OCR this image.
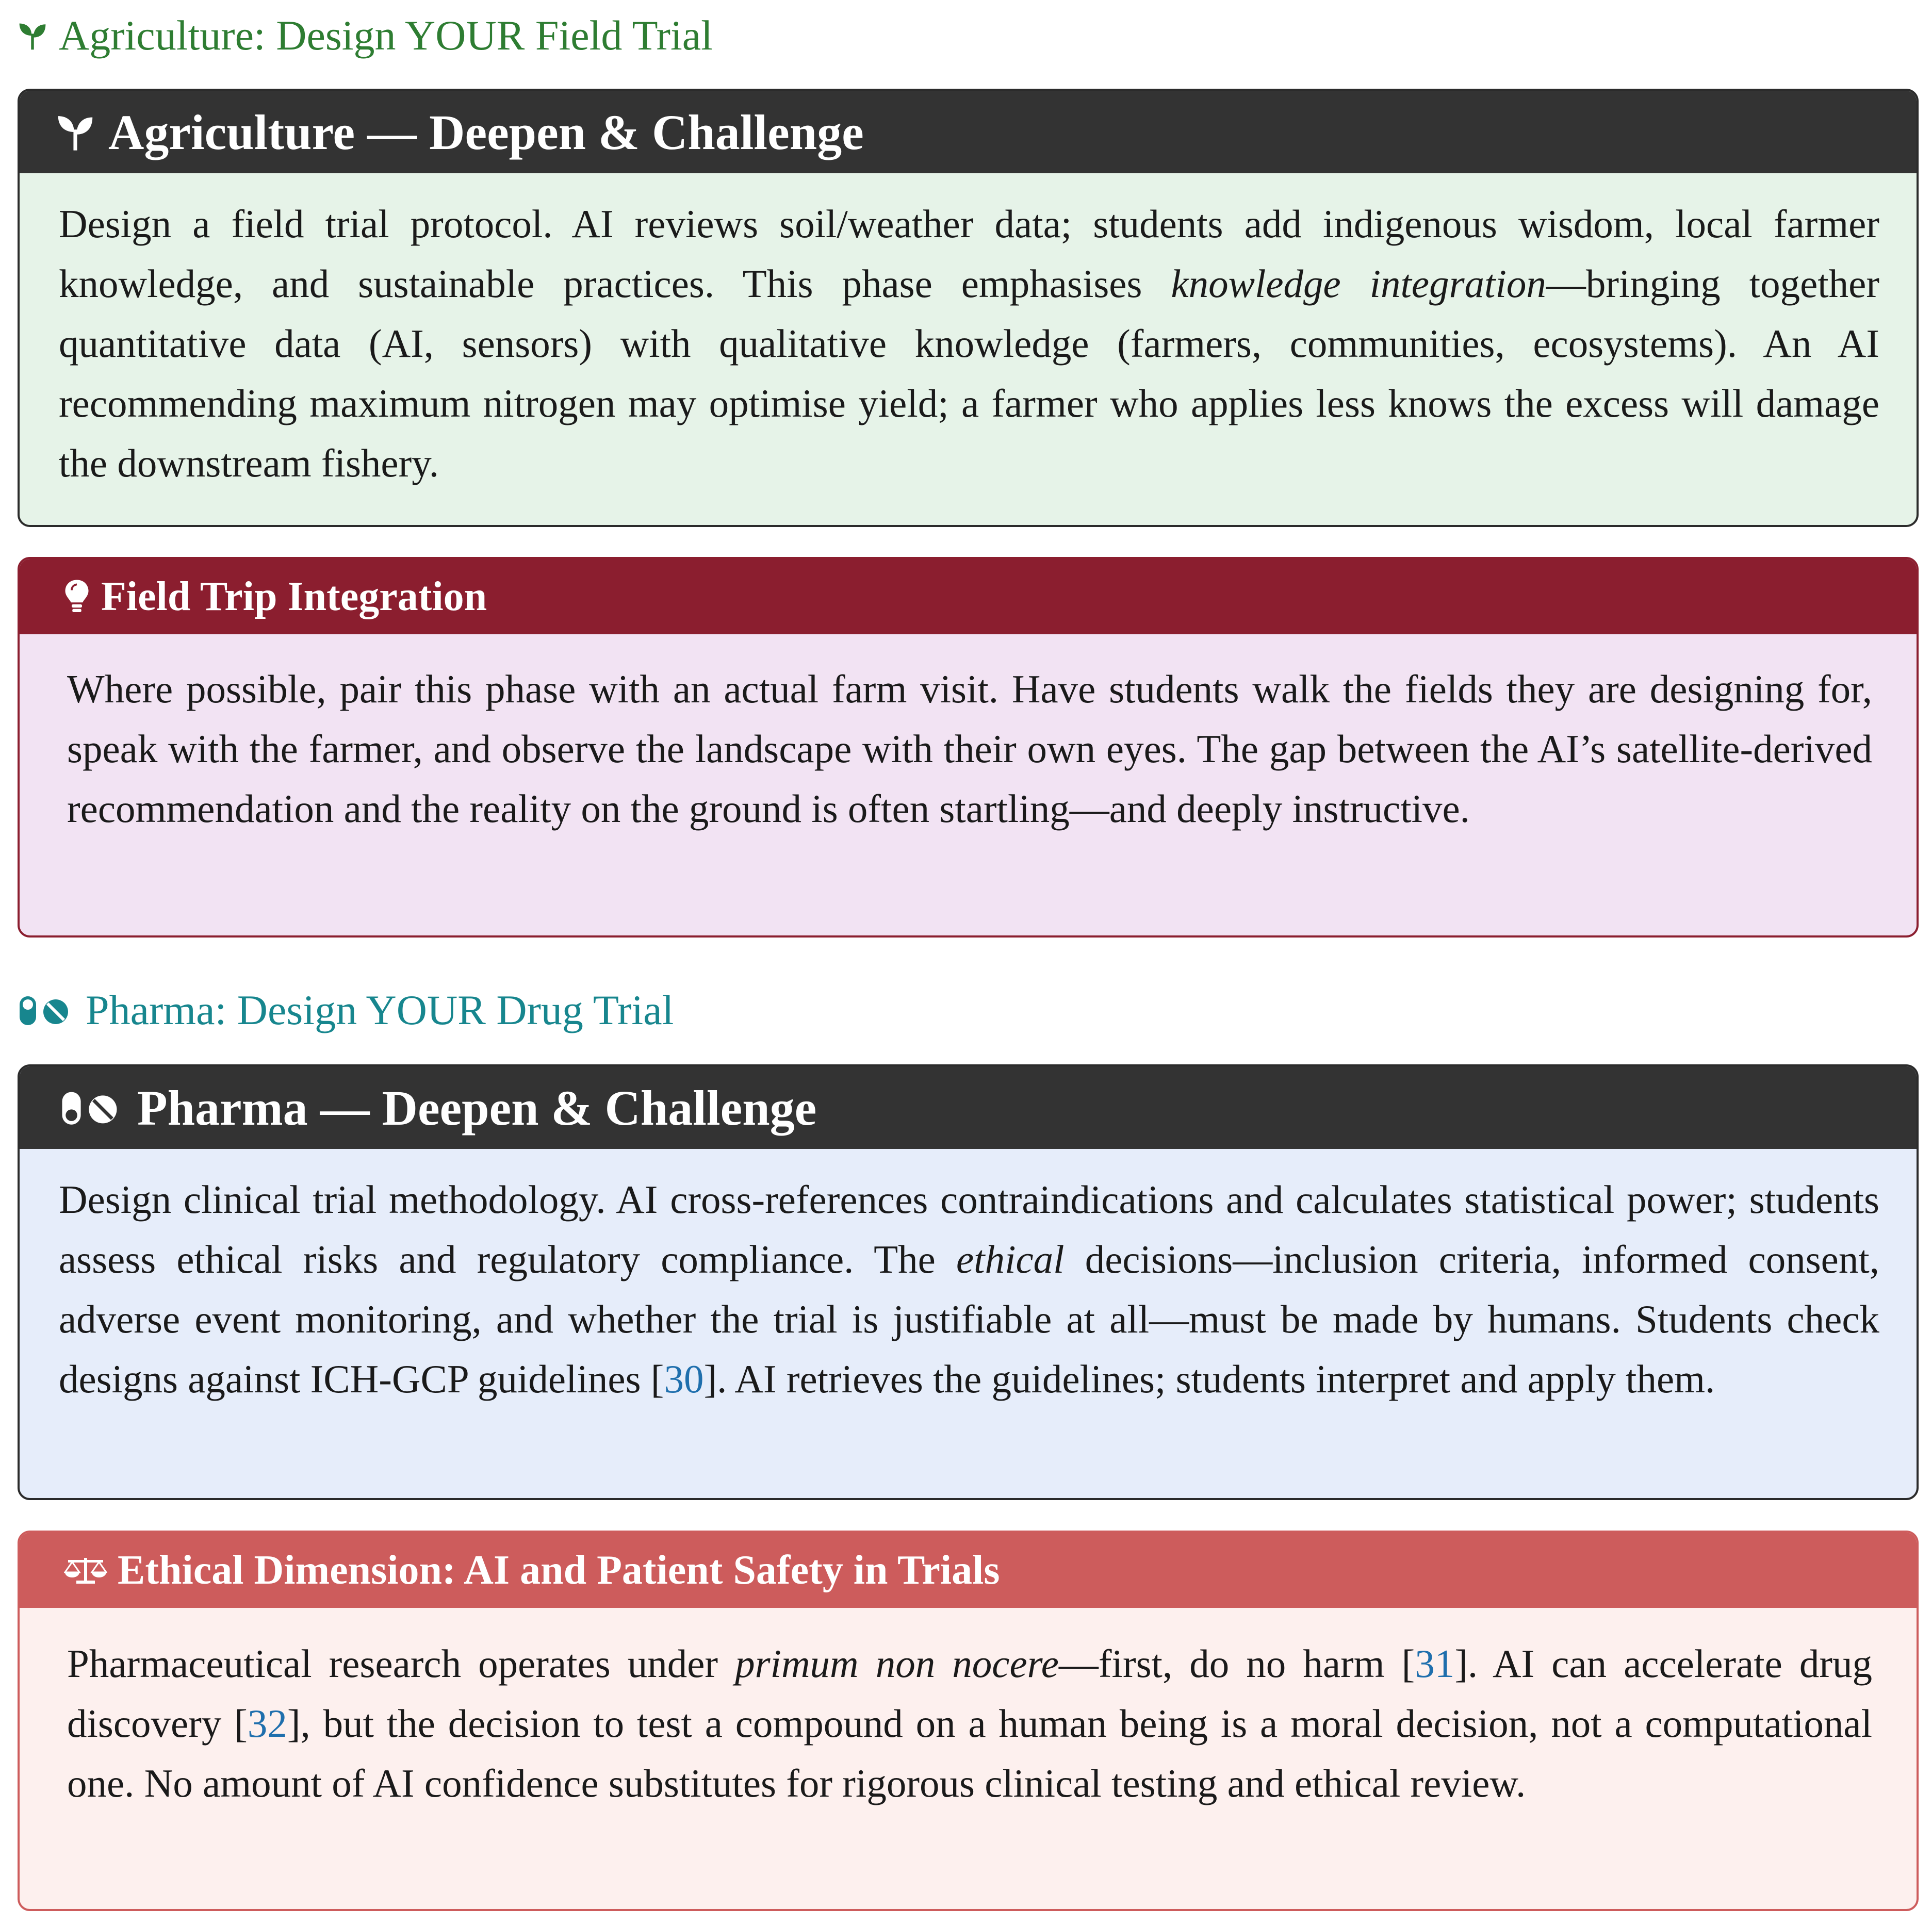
Agriculture: Design YOUR Field Trial
Agriculture — Deepen & Challenge

Design a field trial protocol. AI reviews soil/weather data; students add indigenous wisdom, local farmer knowledge, and sustainable practices. This phase emphasises knowledge integration—bringing together quantitative data (AI, sensors) with qualitative knowledge (farmers, communities, ecosystems). An AI recommending maximum nitrogen may optimise yield; a farmer who applies less knows the excess will damage the downstream fishery.

Field Trip Integration

Where possible, pair this phase with an actual farm visit. Have students walk the fields they are designing for, speak with the farmer, and observe the landscape with their own eyes. The gap between the AI’s satellite-derived recommendation and the reality on the ground is often startling—and deeply instructive.

Pharma: Design YOUR Drug Trial
Pharma — Deepen & Challenge

Design clinical trial methodology. AI cross-references contraindications and calculates statistical power; students assess ethical risks and regulatory compliance. The ethical decisions—inclusion criteria, informed consent, adverse event monitoring, and whether the trial is justifiable at all—must be made by humans. Students check designs against ICH-GCP guidelines [30]. AI retrieves the guidelines; students interpret and apply them.

Ethical Dimension: AI and Patient Safety in Trials

Pharmaceutical research operates under primum non nocere—first, do no harm [31]. AI can accelerate drug discovery [32], but the decision to test a compound on a human being is a moral decision, not a computational one. No amount of AI confidence substitutes for rigorous clinical testing and ethical review.
